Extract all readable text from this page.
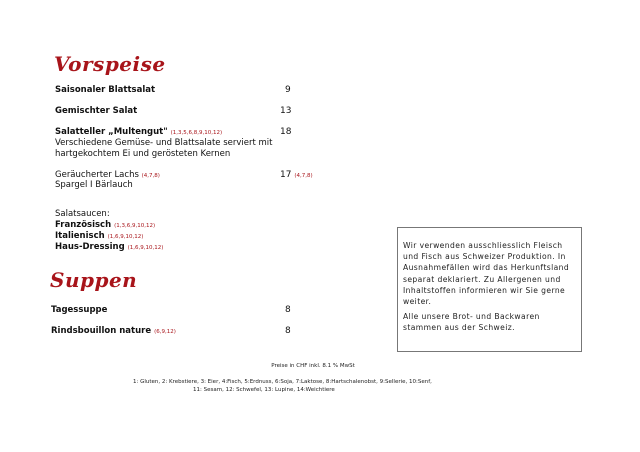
Vorspeise
Saisonaler Blattsalat	9
Gemischter Salat	13
Salatteller „Multengut" (1,3,5,6,8,9,10,12)	18
Verschiedene Gemüse- und Blattsalate serviert mit
hartgekochtem Ei und gerösteten Kernen
Geräucherter Lachs (4,7,8)	17 (4,7,8)
Spargel I Bärlauch
Salatsaucen:
Französisch (1,3,6,9,10,12)
Italienisch (1,6,9,10,12)
Haus-Dressing (1,6,9,10,12)
Suppen
Tagessuppe	8
Rindsbouillon nature (6,9,12)	8

Wir verwenden ausschliesslich Fleisch und Fisch aus Schweizer Produktion. In Ausnahmefällen wird das Herkunftsland separat deklariert. Zu Allergenen und Inhaltstoffen informieren wir Sie gerne weiter.

Alle unsere Brot- und Backwaren stammen aus der Schweiz.

Preise in CHF inkl. 8.1 % MwSt
1: Gluten, 2: Krebstiere, 3: Eier, 4:Fisch, 5:Erdnuss, 6:Soja, 7:Laktose, 8:Hartschalenobst, 9:Sellerie, 10:Senf,
11: Sesam, 12: Schwefel, 13: Lupine, 14:Weichtiere
